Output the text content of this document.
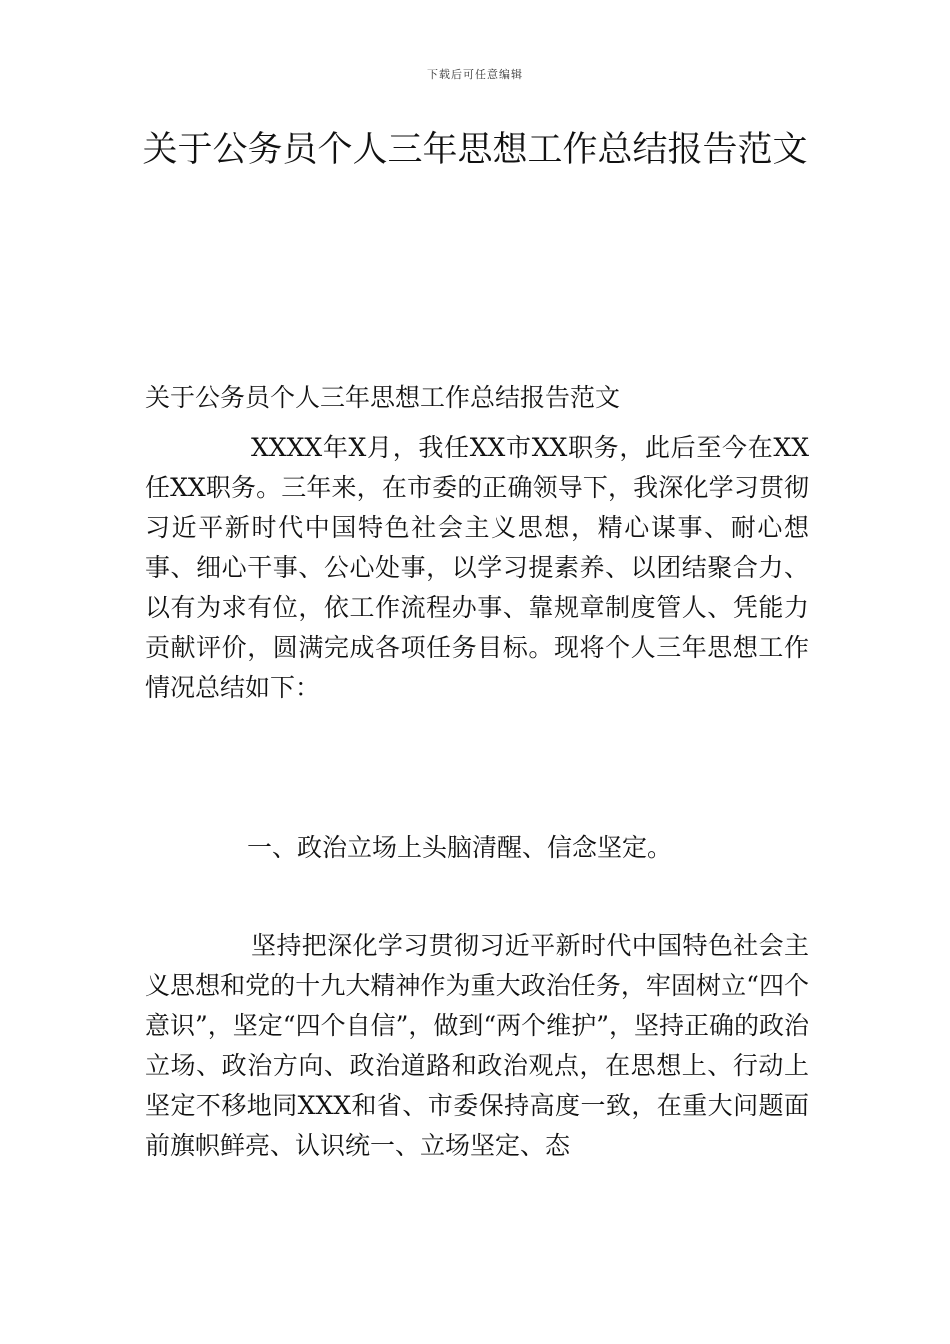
下载后可任意编辑
关于公务员个人三年思想工作总结报告范文

关于公务员个人三年思想工作总结报告范文

XXXX年X月，我任XX市XX职务，此后至今在XX任XX职务。三年来，在市委的正确领导下，我深化学习贯彻习近平新时代中国特色社会主义思想，精心谋事、耐心想事、细心干事、公心处事，以学习提素养、以团结聚合力、以有为求有位，依工作流程办事、靠规章制度管人、凭能力贡献评价，圆满完成各项任务目标。现将个人三年思想工作情况总结如下：

一、政治立场上头脑清醒、信念坚定。

坚持把深化学习贯彻习近平新时代中国特色社会主义思想和党的十九大精神作为重大政治任务，牢固树立“四个意识”，坚定“四个自信”，做到“两个维护”，坚持正确的政治立场、政治方向、政治道路和政治观点，在思想上、行动上坚定不移地同XXX和省、市委保持高度一致，在重大问题面前旗帜鲜亮、认识统一、立场坚定、态
